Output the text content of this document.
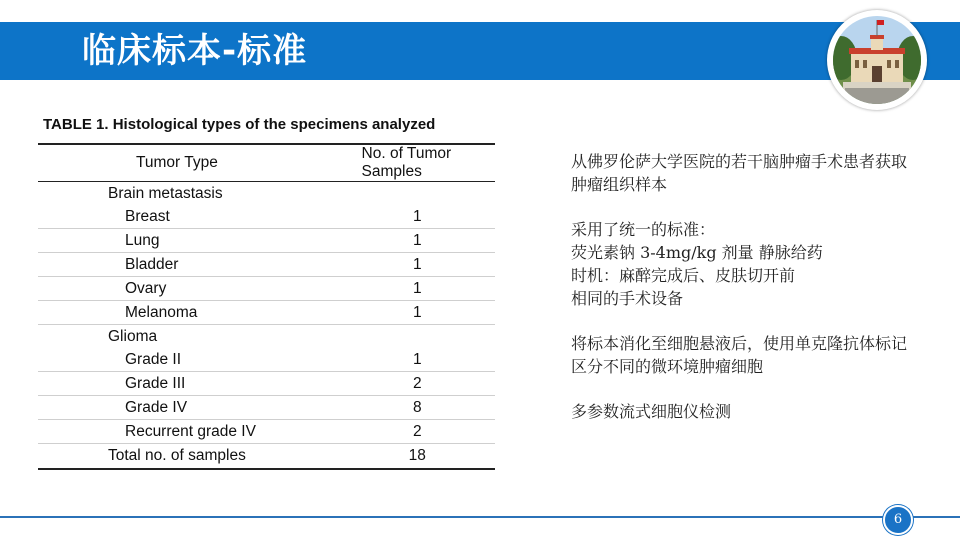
临床标本-标准
TABLE 1. Histological types of the specimens analyzed
Tumor Type	No. of Tumor Samples
Brain metastasis	
Breast	1
Lung	1
Bladder	1
Ovary	1
Melanoma	1
Glioma	
Grade II	1
Grade III	2
Grade IV	8
Recurrent grade IV	2
Total no. of samples	18

从佛罗伦萨大学医院的若干脑肿瘤手术患者获取肿瘤组织样本

采用了统一的标准：
荧光素钠 3-4mg/kg 剂量 静脉给药
时机：麻醉完成后、皮肤切开前
相同的手术设备

将标本消化至细胞悬液后，使用单克隆抗体标记区分不同的微环境肿瘤细胞

多参数流式细胞仪检测

6
